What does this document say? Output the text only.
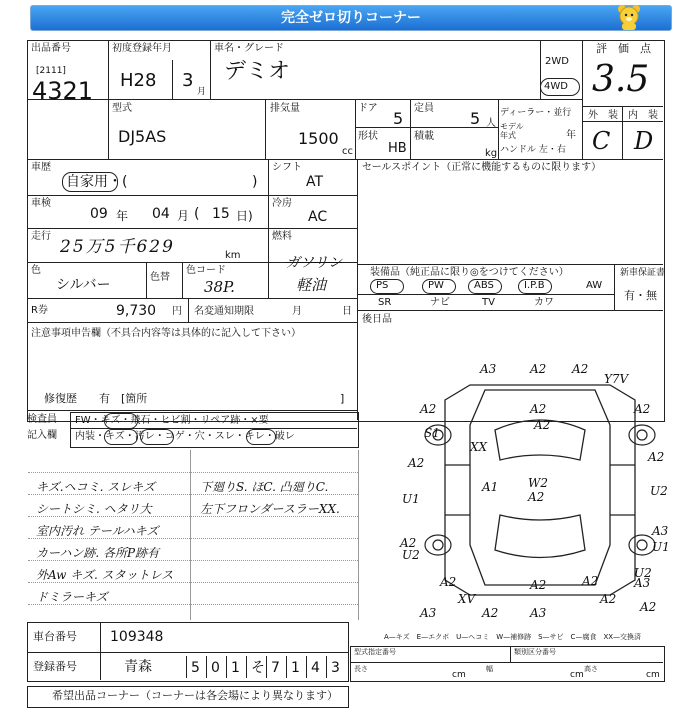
完全ゼロ切りコーナー
出品番号
[2111]
4321
初度登録年月
H28 3
月
車名・グレード
デミオ	2WD
4WD
評　価　点
3.5
外　装 内　装
C D
型式
DJ5AS
排気量
1500
cc
ドア
5
形状
HB
定員
5 人
積載
kg
ディーラー・並行
モデル年式	年
ハンドル 左・右
車歴
自家用・(	)
シフト
AT
車検
09 年 04 月 ( 15 日)
冷房
AC
走行
25万5千629	km
燃料
ガソリン
軽油
色
シルバー	色替
色コード
38P.
R券	9,730 円 名変通知期限	月	日
注意事項申告欄（不具合内容等は具体的に記入して下さい）
修復歴　　有　[箇所	]
セールスポイント（正常に機能するものに限ります）
装備品（純正品に限り◎をつけてください）	新車保証書
有・無
PS	PW	ABS	I.P.B	AW
SR	ナビ	TV	カワ
後日品
検査員
記入欄
FW・キズ・飛石・ヒビ割・リペア跡・×要
内装・キズ・汚レ・コゲ・穴・スレ・キレ・破レ
キズ.ヘコミ. スレキズ
シートシミ. ヘタリ大
室内汚れ テールハキズ
カーハン跡. 各所P跡有
外Aw キズ. スタットレス
ドミラーキズ
下廻りS. ほC. 凸廻りC.
左下フロンダースラーXX.
A3	A2 A2
Y7V
A2	A2
A2
A2
S1
A2
XX
A2
A1 W2
A2
U1
U2
A2
A3
U2
U1
A2
U2
A3
A2	A2
A3
A2
XV	A2
A3	A2
A—キズ　E—エクボ　U—ヘコミ　W—補修跡　S—サビ　C—腐食　XX—交換済
車台番号 109348
登録番号	青森	5 0 1 そ 7 1 4 3
型式指定番号	類別区分番号
長さ
cm
幅
cm
高さ
cm
希望出品コーナー（コーナーは各会場により異なります）
